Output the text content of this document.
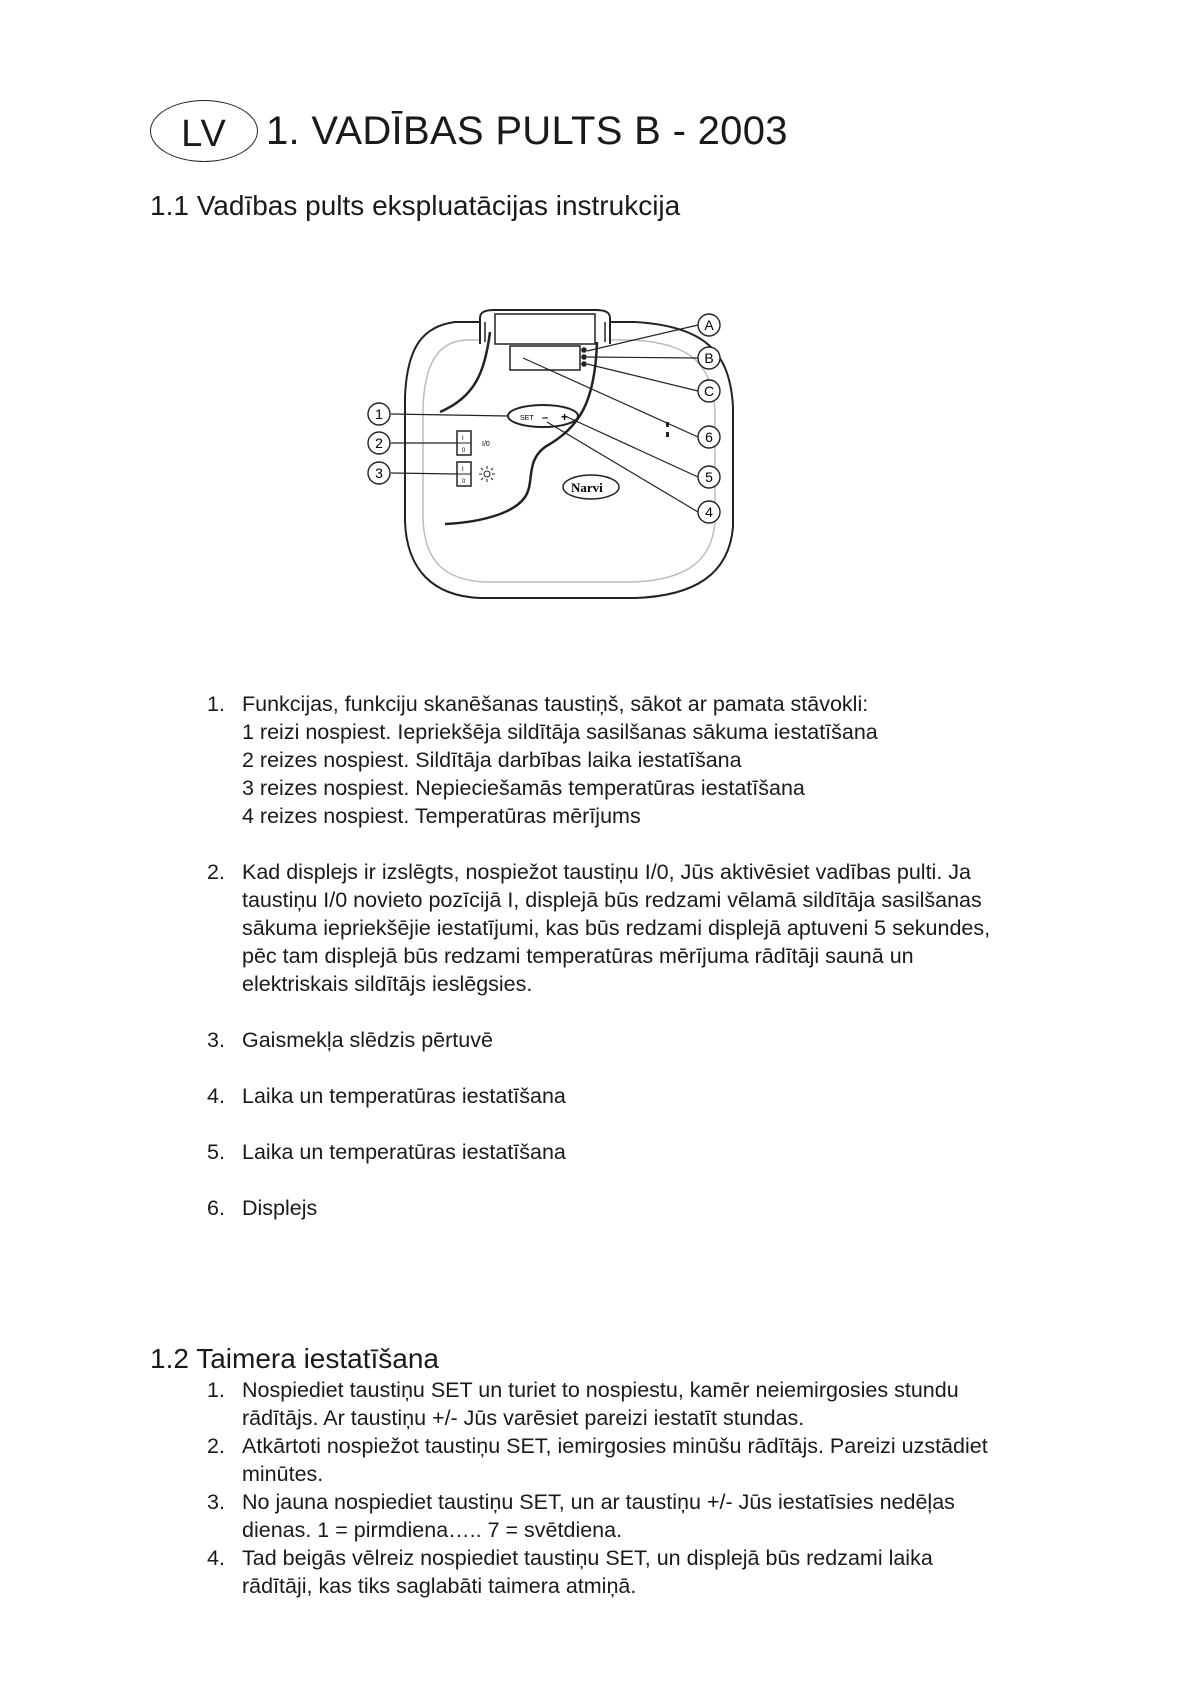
LV 1. VADĪBAS PULTS B - 2003
1.1 Vadības pults ekspluatācijas instrukcija
SET – +
I
0
I/0
I
0	Narvi
A
B
C
6
5
4
1
2
3
1. Funkcijas, funkciju skanēšanas taustiņš, sākot ar pamata stāvokli:
1 reizi nospiest. Iepriekšēja sildītāja sasilšanas sākuma iestatīšana
2 reizes nospiest. Sildītāja darbības laika iestatīšana
3 reizes nospiest. Nepieciešamās temperatūras iestatīšana
4 reizes nospiest. Temperatūras mērījums
2. Kad displejs ir izslēgts, nospiežot taustiņu I/0, Jūs aktivēsiet vadības pulti. Ja
taustiņu I/0 novieto pozīcijā I, displejā būs redzami vēlamā sildītāja sasilšanas
sākuma iepriekšējie iestatījumi, kas būs redzami displejā aptuveni 5 sekundes,
pēc tam displejā būs redzami temperatūras mērījuma rādītāji saunā un
elektriskais sildītājs ieslēgsies.
3. Gaismekļa slēdzis pērtuvē
4. Laika un temperatūras iestatīšana
5. Laika un temperatūras iestatīšana
6. Displejs
1.2 Taimera iestatīšana
1. Nospiediet taustiņu SET un turiet to nospiestu, kamēr neiemirgosies stundu
rādītājs. Ar taustiņu +/- Jūs varēsiet pareizi iestatīt stundas.
2. Atkārtoti nospiežot taustiņu SET, iemirgosies minūšu rādītājs. Pareizi uzstādiet
minūtes.
3. No jauna nospiediet taustiņu SET, un ar taustiņu +/- Jūs iestatīsies nedēļas
dienas. 1 = pirmdiena….. 7 = svētdiena.
4. Tad beigās vēlreiz nospiediet taustiņu SET, un displejā būs redzami laika
rādītāji, kas tiks saglabāti taimera atmiņā.
